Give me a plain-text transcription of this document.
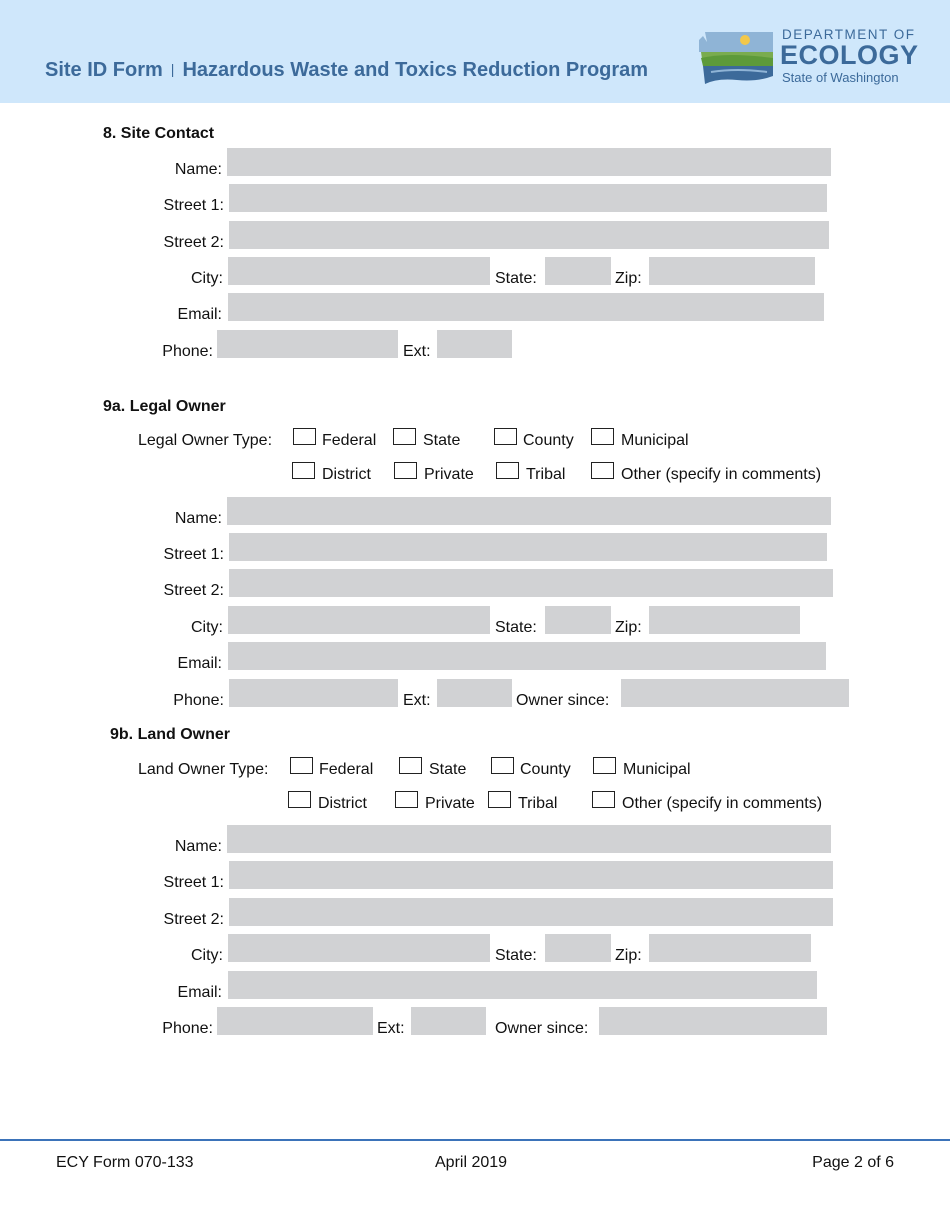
Site ID Form | Hazardous Waste and Toxics Reduction Program
DEPARTMENT OF
ECOLOGY
State of Washington
8. Site Contact
Name:
Street 1:
Street 2:
City:	State:	Zip:
Email:
Phone:	Ext:
9a. Legal Owner
Legal Owner Type:	Federal	State	County	Municipal
District	Private	Tribal	Other (specify in comments)
Name:
Street 1:
Street 2:
City:	State:	Zip:
Email:
Phone:	Ext:	Owner since:
9b. Land Owner
Land Owner Type:	Federal	State	County	Municipal
District	Private	Tribal	Other (specify in comments)
Name:
Street 1:
Street 2:
City:	State:	Zip:
Email:
Phone:	Ext:	Owner since:
ECY Form 070-133	April 2019	Page 2 of 6
